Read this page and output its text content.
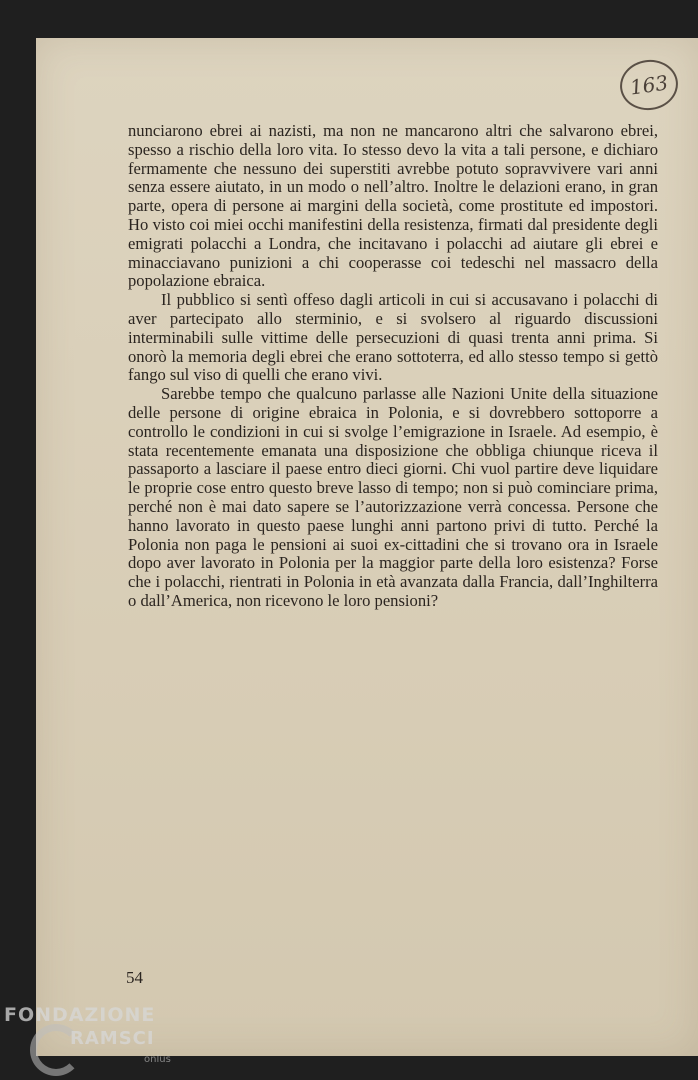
163

nunciarono ebrei ai nazisti, ma non ne mancarono altri che salvarono ebrei, spesso a rischio della loro vita. Io stesso devo la vita a tali persone, e dichiaro fermamente che nessuno dei superstiti avrebbe potuto sopravvivere vari anni senza essere aiutato, in un modo o nell’altro. Inoltre le delazioni erano, in gran parte, opera di persone ai margini della società, come prostitute ed impostori. Ho visto coi miei occhi manifestini della resistenza, firmati dal presidente degli emigrati polacchi a Londra, che incitavano i polacchi ad aiutare gli ebrei e minacciavano punizioni a chi cooperasse coi tedeschi nel massacro della popolazione ebraica.

Il pubblico si sentì offeso dagli articoli in cui si accusavano i polacchi di aver partecipato allo sterminio, e si svolsero al riguardo discussioni interminabili sulle vittime delle persecuzioni di quasi trenta anni prima. Si onorò la memoria degli ebrei che erano sottoterra, ed allo stesso tempo si gettò fango sul viso di quelli che erano vivi.

Sarebbe tempo che qualcuno parlasse alle Nazioni Unite della situazione delle persone di origine ebraica in Polonia, e si dovrebbero sottoporre a controllo le condizioni in cui si svolge l’emigrazione in Israele. Ad esempio, è stata recentemente emanata una disposizione che obbliga chiunque riceva il passaporto a lasciare il paese entro dieci giorni. Chi vuol partire deve liquidare le proprie cose entro questo breve lasso di tempo; non si può cominciare prima, perché non è mai dato sapere se l’autorizzazione verrà concessa. Persone che hanno lavorato in questo paese lunghi anni partono privi di tutto. Perché la Polonia non paga le pensioni ai suoi ex-cittadini che si trovano ora in Israele dopo aver lavorato in Polonia per la maggior parte della loro esistenza? Forse che i polacchi, rientrati in Polonia in età avanzata dalla Francia, dall’Inghilterra o dall’America, non ricevono le loro pensioni?

54
FONDAZIONE
RAMSCI
onlus
